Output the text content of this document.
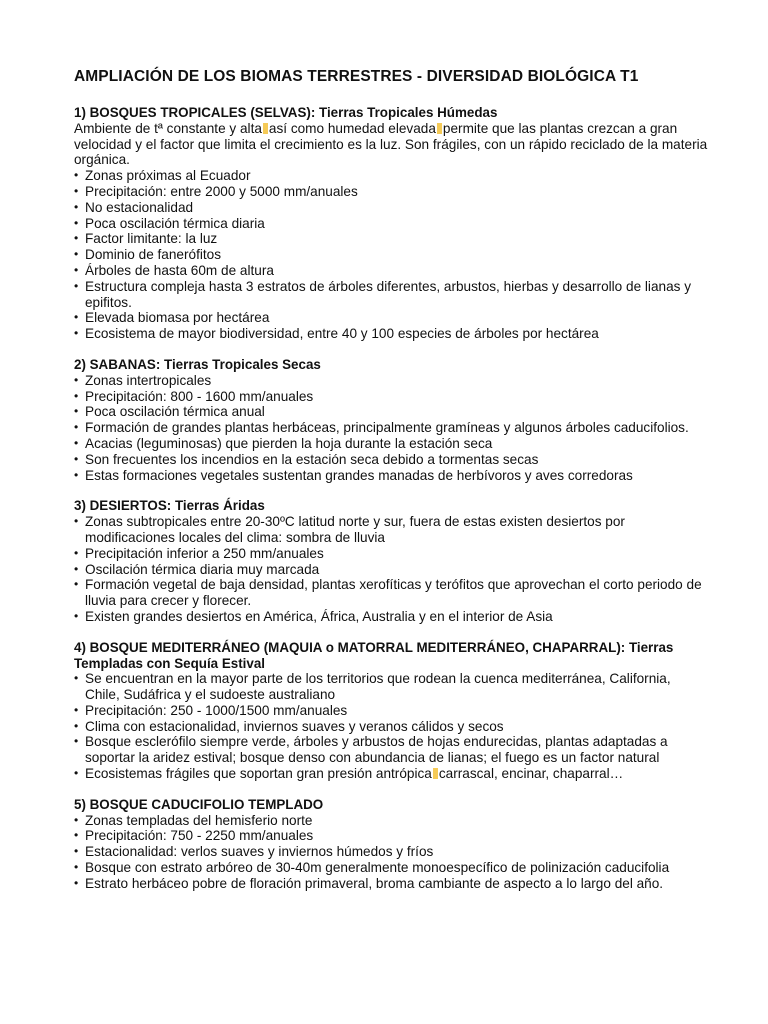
AMPLIACIÓN DE LOS BIOMAS TERRESTRES - DIVERSIDAD BIOLÓGICA T1
1) BOSQUES TROPICALES (SELVAS): Tierras Tropicales Húmedas

Ambiente de tª constante y alta así como humedad elevada permite que las plantas crezcan a gran velocidad y el factor que limita el crecimiento es la luz. Son frágiles, con un rápido reciclado de la materia orgánica.

• Zonas próximas al Ecuador
• Precipitación: entre 2000 y 5000 mm/anuales
• No estacionalidad
• Poca oscilación térmica diaria
• Factor limitante: la luz
• Dominio de fanerófitos
• Árboles de hasta 60m de altura
• Estructura compleja hasta 3 estratos de árboles diferentes, arbustos, hierbas y desarrollo de lianas y epifitos.
• Elevada biomasa por hectárea
• Ecosistema de mayor biodiversidad, entre 40 y 100 especies de árboles por hectárea
2) SABANAS: Tierras Tropicales Secas
• Zonas intertropicales
• Precipitación: 800 - 1600 mm/anuales
• Poca oscilación térmica anual
• Formación de grandes plantas herbáceas, principalmente gramíneas y algunos árboles caducifolios.
• Acacias (leguminosas) que pierden la hoja durante la estación seca
• Son frecuentes los incendios en la estación seca debido a tormentas secas
• Estas formaciones vegetales sustentan grandes manadas de herbívoros y aves corredoras
3) DESIERTOS: Tierras Áridas
• Zonas subtropicales entre 20-30ºC latitud norte y sur, fuera de estas existen desiertos por modificaciones locales del clima: sombra de lluvia
• Precipitación inferior a 250 mm/anuales
• Oscilación térmica diaria muy marcada
• Formación vegetal de baja densidad, plantas xerofíticas y terófitos que aprovechan el corto periodo de lluvia para crecer y florecer.
• Existen grandes desiertos en América, África, Australia y en el interior de Asia
4) BOSQUE MEDITERRÁNEO (MAQUIA o MATORRAL MEDITERRÁNEO, CHAPARRAL): Tierras Templadas con Sequía Estival
• Se encuentran en la mayor parte de los territorios que rodean la cuenca mediterránea, California, Chile, Sudáfrica y el sudoeste australiano
• Precipitación: 250 - 1000/1500 mm/anuales
• Clima con estacionalidad, inviernos suaves y veranos cálidos y secos
• Bosque esclerófilo siempre verde, árboles y arbustos de hojas endurecidas, plantas adaptadas a soportar la aridez estival; bosque denso con abundancia de lianas; el fuego es un factor natural
• Ecosistemas frágiles que soportan gran presión antrópica carrascal, encinar, chaparral…
5) BOSQUE CADUCIFOLIO TEMPLADO
• Zonas templadas del hemisferio norte
• Precipitación: 750 - 2250 mm/anuales
• Estacionalidad: verlos suaves y inviernos húmedos y fríos
• Bosque con estrato arbóreo de 30-40m generalmente monoespecífico de polinización caducifolia
• Estrato herbáceo pobre de floración primaveral, broma cambiante de aspecto a lo largo del año.
